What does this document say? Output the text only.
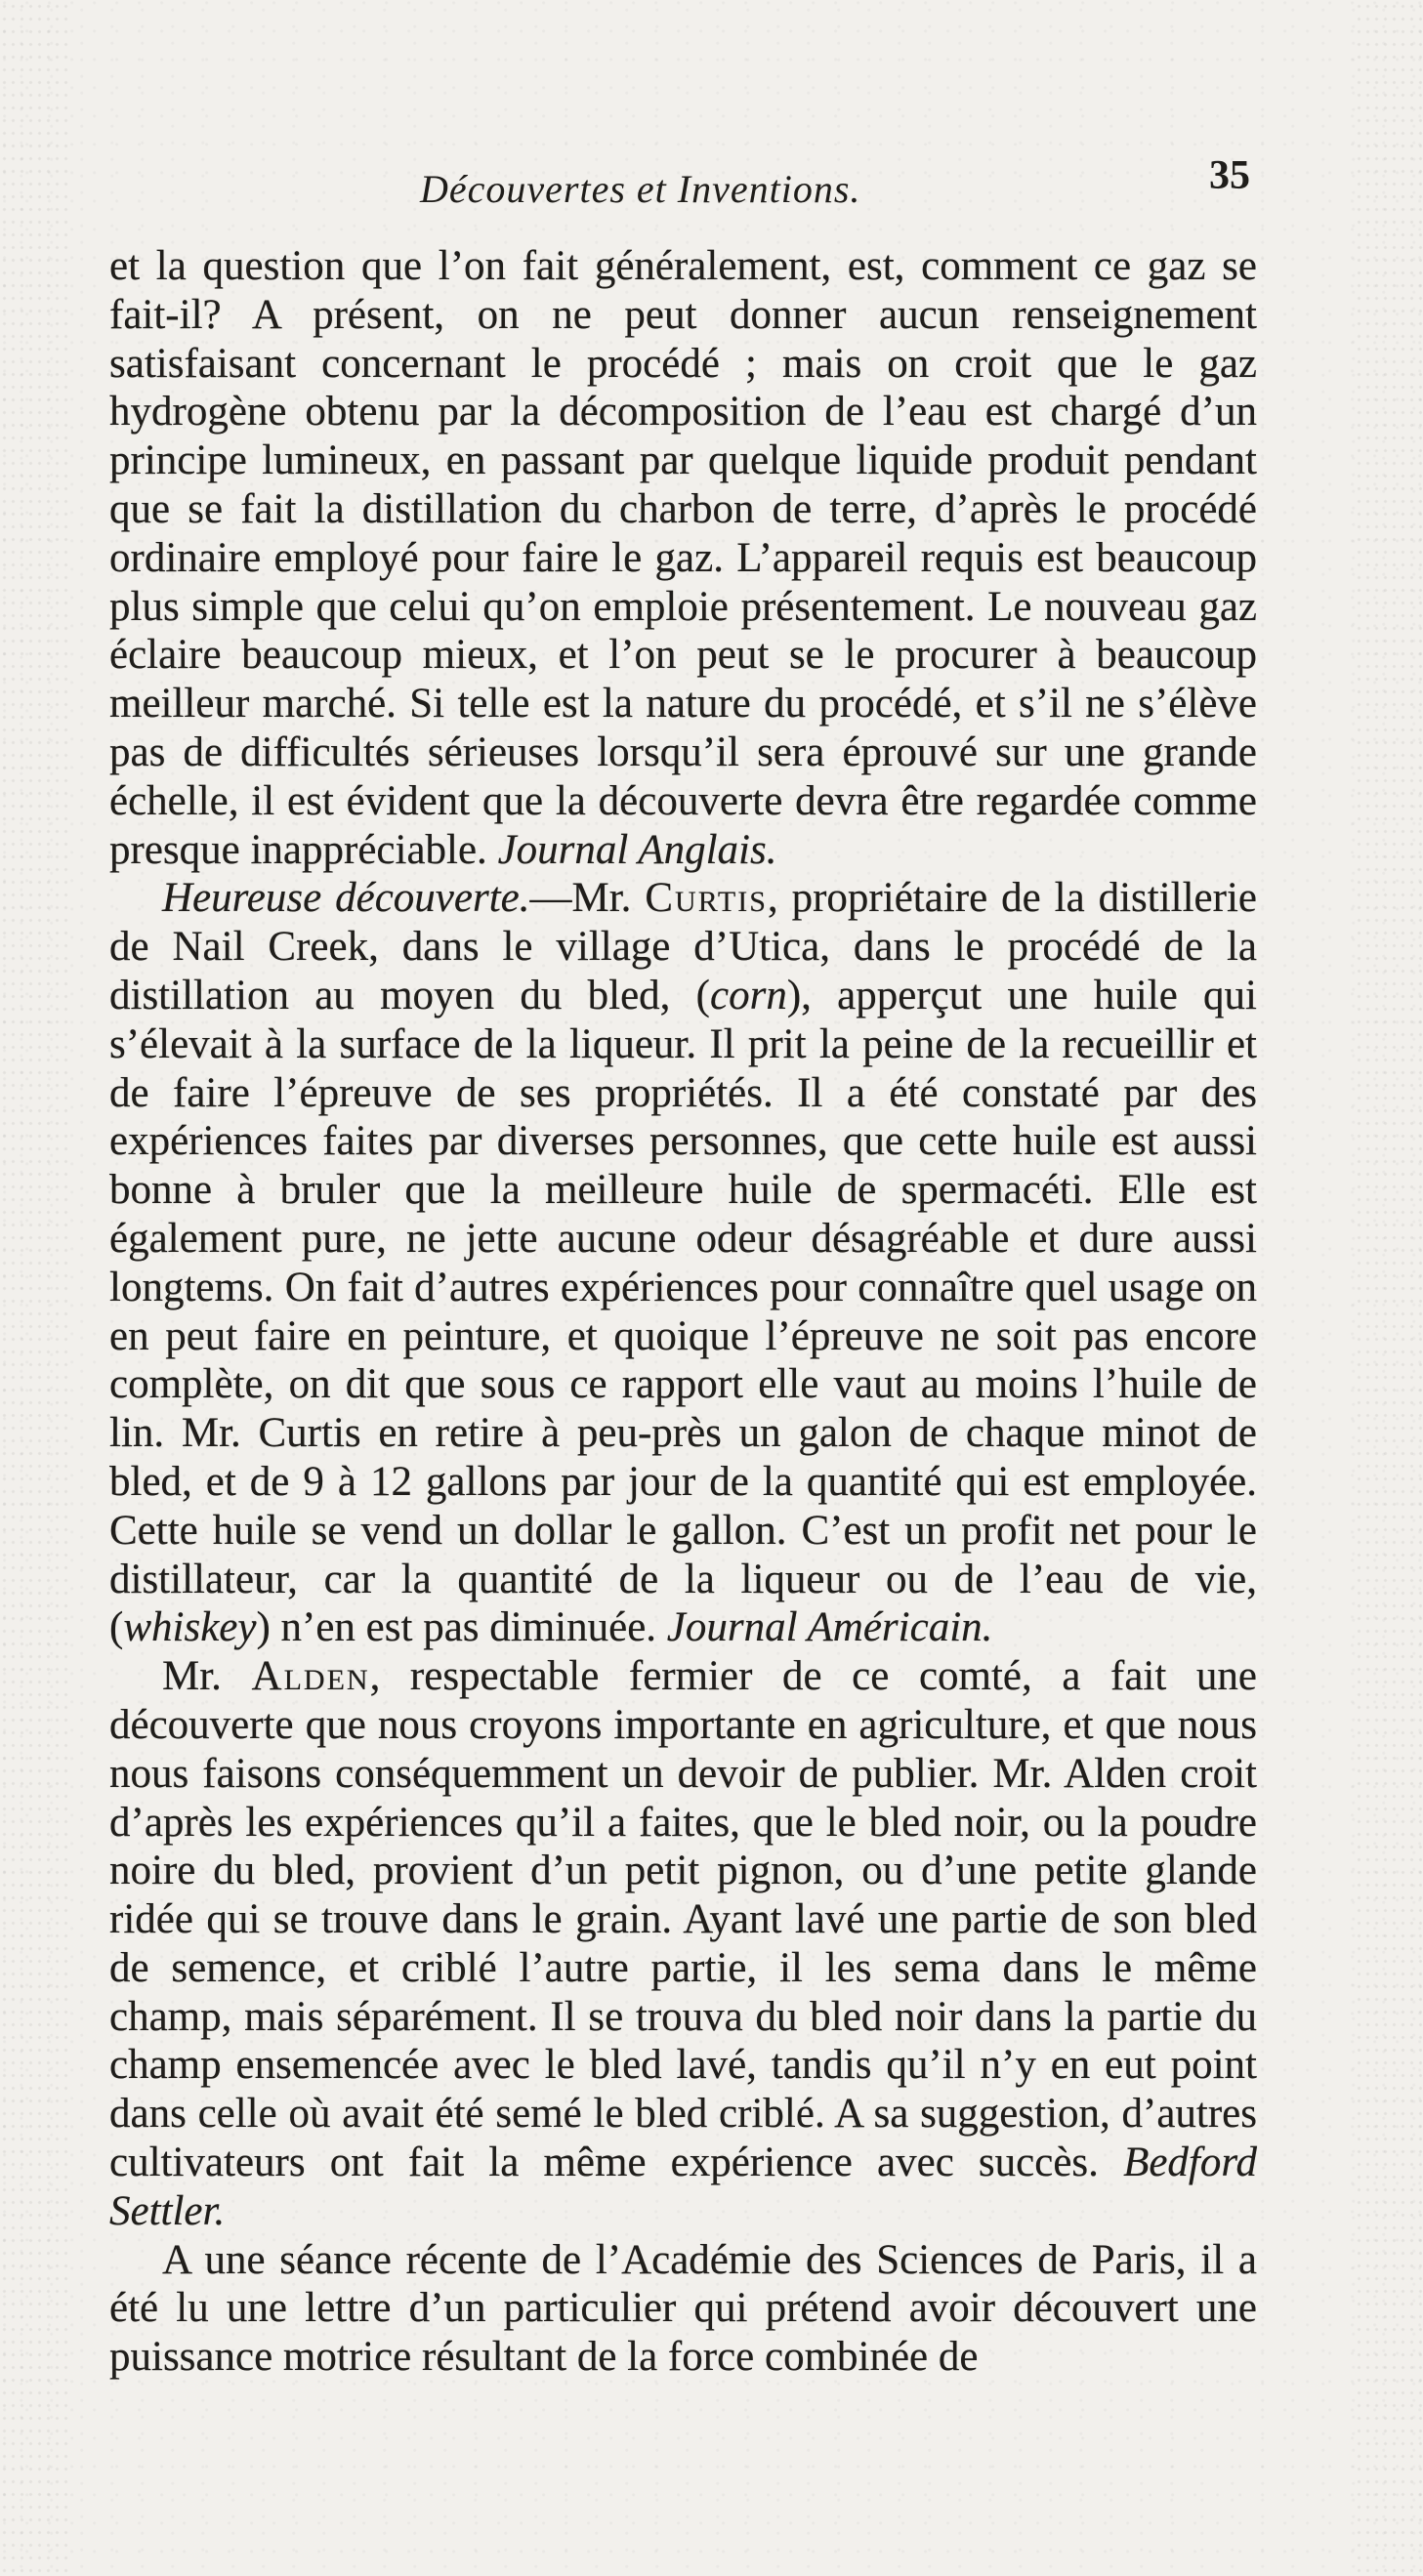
Découvertes et Inventions.	35

et la question que l’on fait généralement, est, comment ce gaz se fait-il? A présent, on ne peut donner aucun renseignement satisfaisant concernant le procédé ; mais on croit que le gaz hydrogène obtenu par la décomposition de l’eau est chargé d’un principe lumineux, en passant par quelque liquide produit pendant que se fait la distillation du charbon de terre, d’après le procédé ordinaire employé pour faire le gaz. L’appareil requis est beaucoup plus simple que celui qu’on emploie présentement. Le nouveau gaz éclaire beaucoup mieux, et l’on peut se le procurer à beaucoup meilleur marché. Si telle est la nature du procédé, et s’il ne s’élève pas de difficultés sérieuses lorsqu’il sera éprouvé sur une grande échelle, il est évident que la découverte devra être regardée comme presque inappréciable. Journal Anglais.

Heureuse découverte.—Mr. Curtis, propriétaire de la distillerie de Nail Creek, dans le village d’Utica, dans le procédé de la distillation au moyen du bled, (corn), apperçut une huile qui s’élevait à la surface de la liqueur. Il prit la peine de la recueillir et de faire l’épreuve de ses propriétés. Il a été constaté par des expériences faites par diverses personnes, que cette huile est aussi bonne à bruler que la meilleure huile de spermacéti. Elle est également pure, ne jette aucune odeur désagréable et dure aussi longtems. On fait d’autres expériences pour connaître quel usage on en peut faire en peinture, et quoique l’épreuve ne soit pas encore complète, on dit que sous ce rapport elle vaut au moins l’huile de lin. Mr. Curtis en retire à peu-près un galon de chaque minot de bled, et de 9 à 12 gallons par jour de la quantité qui est employée. Cette huile se vend un dollar le gallon. C’est un profit net pour le distillateur, car la quantité de la liqueur ou de l’eau de vie, (whiskey) n’en est pas diminuée. Journal Américain.

Mr. Alden, respectable fermier de ce comté, a fait une découverte que nous croyons importante en agriculture, et que nous nous faisons conséquemment un devoir de publier. Mr. Alden croit d’après les expériences qu’il a faites, que le bled noir, ou la poudre noire du bled, provient d’un petit pignon, ou d’une petite glande ridée qui se trouve dans le grain. Ayant lavé une partie de son bled de semence, et criblé l’autre partie, il les sema dans le même champ, mais séparément. Il se trouva du bled noir dans la partie du champ ensemencée avec le bled lavé, tandis qu’il n’y en eut point dans celle où avait été semé le bled criblé. A sa suggestion, d’autres cultivateurs ont fait la même expérience avec succès. Bedford Settler.

A une séance récente de l’Académie des Sciences de Paris, il a été lu une lettre d’un particulier qui prétend avoir découvert une puissance motrice résultant de la force combinée de
